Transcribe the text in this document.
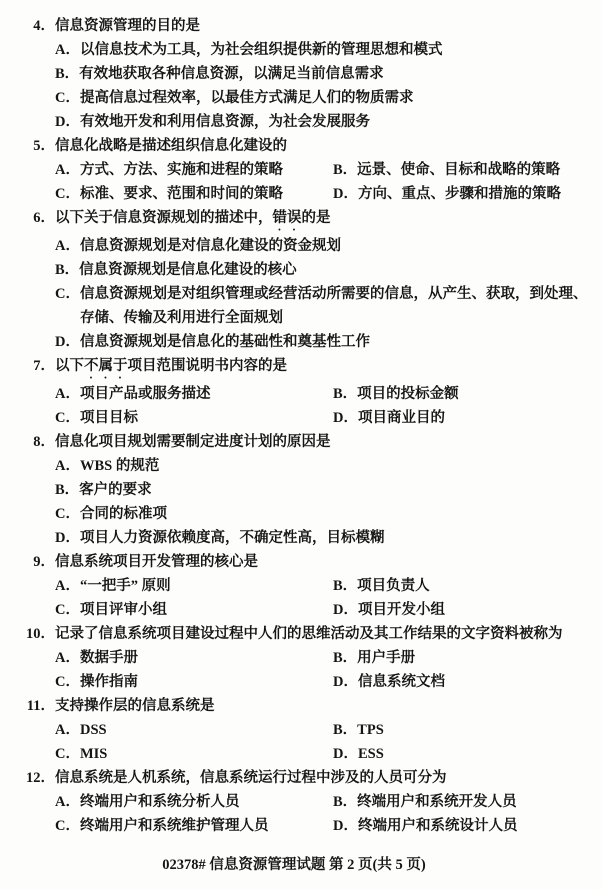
4． 信息资源管理的目的是
A．以信息技术为工具，为社会组织提供新的管理思想和模式
B．有效地获取各种信息资源，以满足当前信息需求
C．提高信息过程效率，以最佳方式满足人们的物质需求
D．有效地开发和利用信息资源，为社会发展服务
5． 信息化战略是描述组织信息化建设的
A．方式、方法、实施和进程的策略	B．远景、使命、目标和战略的策略
C．标准、要求、范围和时间的策略	D．方向、重点、步骤和措施的策略
6． 以下关于信息资源规划的描述中，错误的是
A．信息资源规划是对信息化建设的资金规划
B．信息资源规划是信息化建设的核心
C．信息资源规划是对组织管理或经营活动所需要的信息，从产生、获取，到处理、
存储、传输及利用进行全面规划
D．信息资源规划是信息化的基础性和奠基性工作
7． 以下不属于项目范围说明书内容的是
A．项目产品或服务描述	B．项目的投标金额
C．项目目标	D．项目商业目的
8． 信息化项目规划需要制定进度计划的原因是
A．WBS 的规范
B．客户的要求
C．合同的标准项
D．项目人力资源依赖度高，不确定性高，目标模糊
9． 信息系统项目开发管理的核心是
A．“一把手” 原则	B．项目负责人
C．项目评审小组	D．项目开发小组
10． 记录了信息系统项目建设过程中人们的思维活动及其工作结果的文字资料被称为
A．数据手册	B．用户手册
C．操作指南	D．信息系统文档
11． 支持操作层的信息系统是
A．DSS	B．TPS
C．MIS	D．ESS
12． 信息系统是人机系统，信息系统运行过程中涉及的人员可分为
A．终端用户和系统分析人员	B．终端用户和系统开发人员
C．终端用户和系统维护管理人员	D．终端用户和系统设计人员
02378# 信息资源管理试题 第 2 页(共 5 页)
